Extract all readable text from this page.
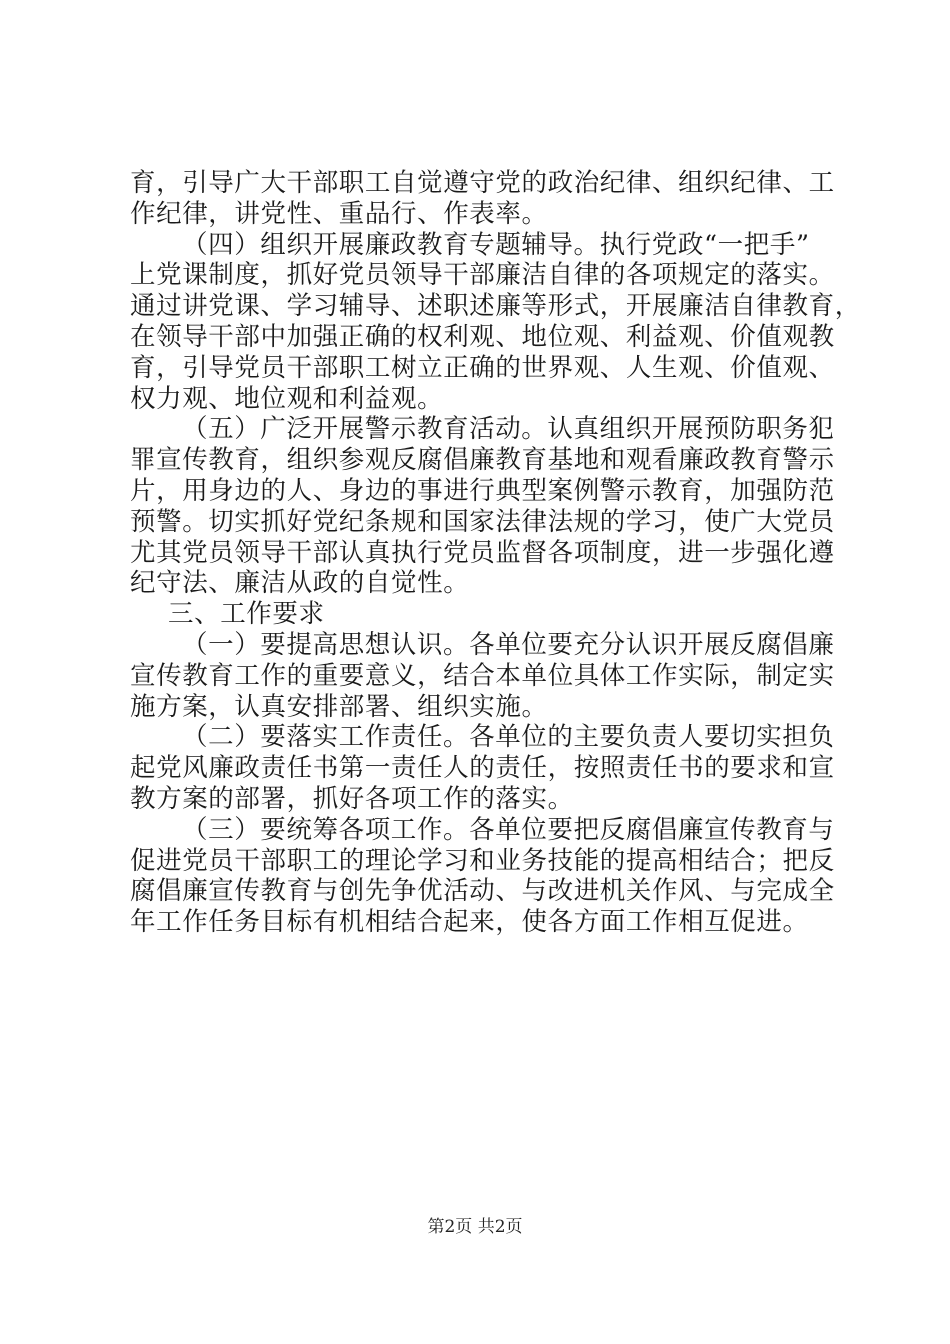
育，引导广大干部职工自觉遵守党的政治纪律、组织纪律、工
作纪律，讲党性、重品行、作表率。
（四）组织开展廉政教育专题辅导。执行党政“一把手”
上党课制度，抓好党员领导干部廉洁自律的各项规定的落实。
通过讲党课、学习辅导、述职述廉等形式，开展廉洁自律教育，
在领导干部中加强正确的权利观、地位观、利益观、价值观教
育，引导党员干部职工树立正确的世界观、人生观、价值观、
权力观、地位观和利益观。
（五）广泛开展警示教育活动。认真组织开展预防职务犯
罪宣传教育，组织参观反腐倡廉教育基地和观看廉政教育警示
片，用身边的人、身边的事进行典型案例警示教育，加强防范
预警。切实抓好党纪条规和国家法律法规的学习，使广大党员
尤其党员领导干部认真执行党员监督各项制度，进一步强化遵
纪守法、廉洁从政的自觉性。
三、工作要求
（一）要提高思想认识。各单位要充分认识开展反腐倡廉
宣传教育工作的重要意义，结合本单位具体工作实际，制定实
施方案，认真安排部署、组织实施。
（二）要落实工作责任。各单位的主要负责人要切实担负
起党风廉政责任书第一责任人的责任，按照责任书的要求和宣
教方案的部署，抓好各项工作的落实。
（三）要统筹各项工作。各单位要把反腐倡廉宣传教育与
促进党员干部职工的理论学习和业务技能的提高相结合；把反
腐倡廉宣传教育与创先争优活动、与改进机关作风、与完成全
年工作任务目标有机相结合起来，使各方面工作相互促进。
第2页 共2页
